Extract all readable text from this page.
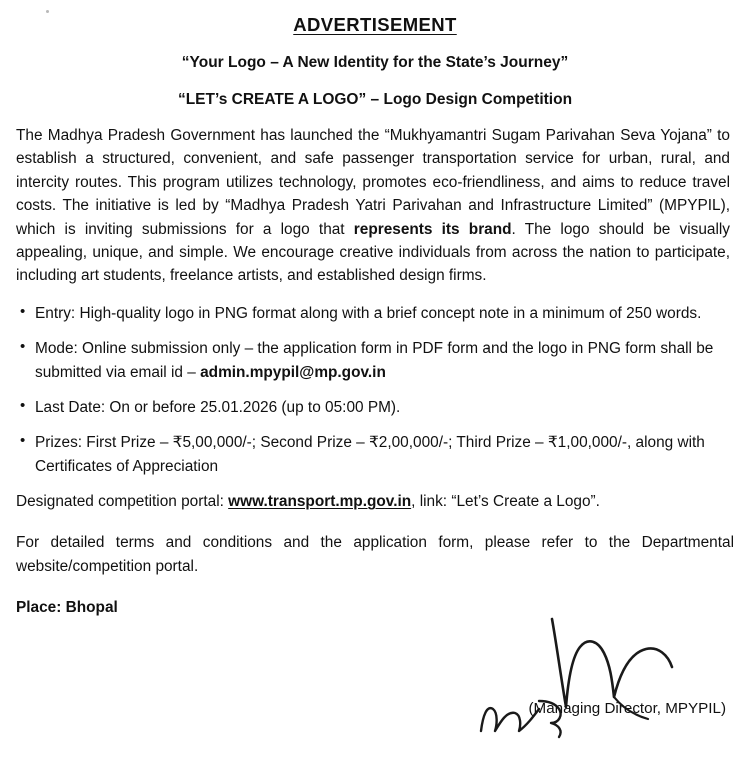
ADVERTISEMENT
“Your Logo – A New Identity for the State’s Journey”
“LET’s CREATE A LOGO” – Logo Design Competition

The Madhya Pradesh Government has launched the “Mukhyamantri Sugam Parivahan Seva Yojana” to establish a structured, convenient, and safe passenger transportation service for urban, rural, and intercity routes. This program utilizes technology, promotes eco-friendliness, and aims to reduce travel costs. The initiative is led by “Madhya Pradesh Yatri Parivahan and Infrastructure Limited” (MPYPIL), which is inviting submissions for a logo that represents its brand. The logo should be visually appealing, unique, and simple. We encourage creative individuals from across the nation to participate, including art students, freelance artists, and established design firms.

• Entry: High-quality logo in PNG format along with a brief concept note in a minimum of 250 words.
• Mode: Online submission only – the application form in PDF form and the logo in PNG form shall be submitted via email id – admin.mpypil@mp.gov.in
• Last Date: On or before 25.01.2026 (up to 05:00 PM).
• Prizes: First Prize – ₹5,00,000/-; Second Prize – ₹2,00,000/-; Third Prize – ₹1,00,000/-, along with Certificates of Appreciation

Designated competition portal: www.transport.mp.gov.in, link: “Let’s Create a Logo”.

For detailed terms and conditions and the application form, please refer to the Departmental website/competition portal.

Place: Bhopal

(Managing Director, MPYPIL)
